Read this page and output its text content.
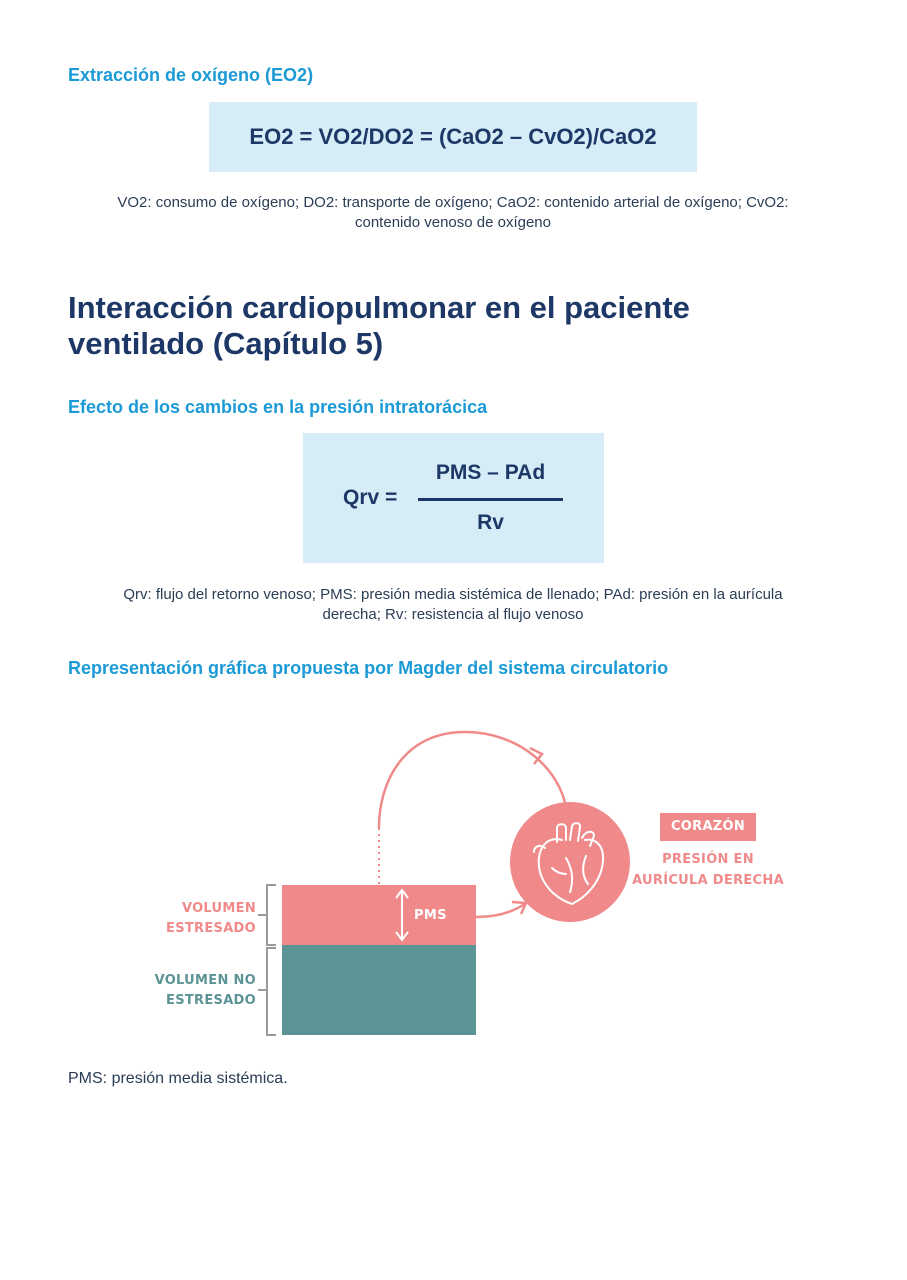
Extracción de oxígeno (EO2)
EO2 = VO2/DO2 = (CaO2 – CvO2)/CaO2
VO2: consumo de oxígeno; DO2: transporte de oxígeno; CaO2: contenido arterial de oxígeno; CvO2:
contenido venoso de oxígeno
Interacción cardiopulmonar en el paciente
ventilado (Capítulo 5)
Efecto de los cambios en la presión intratorácica
Qrv =
PMS – PAd
Rv
Qrv: flujo del retorno venoso; PMS: presión media sistémica de llenado; PAd: presión en la aurícula
derecha; Rv: resistencia al flujo venoso
Representación gráfica propuesta por Magder del sistema circulatorio
VOLUMEN
ESTRESADO
VOLUMEN NO
ESTRESADO
PMS
CORAZÓN
PRESIÓN EN
AURÍCULA DERECHA
PMS: presión media sistémica.
